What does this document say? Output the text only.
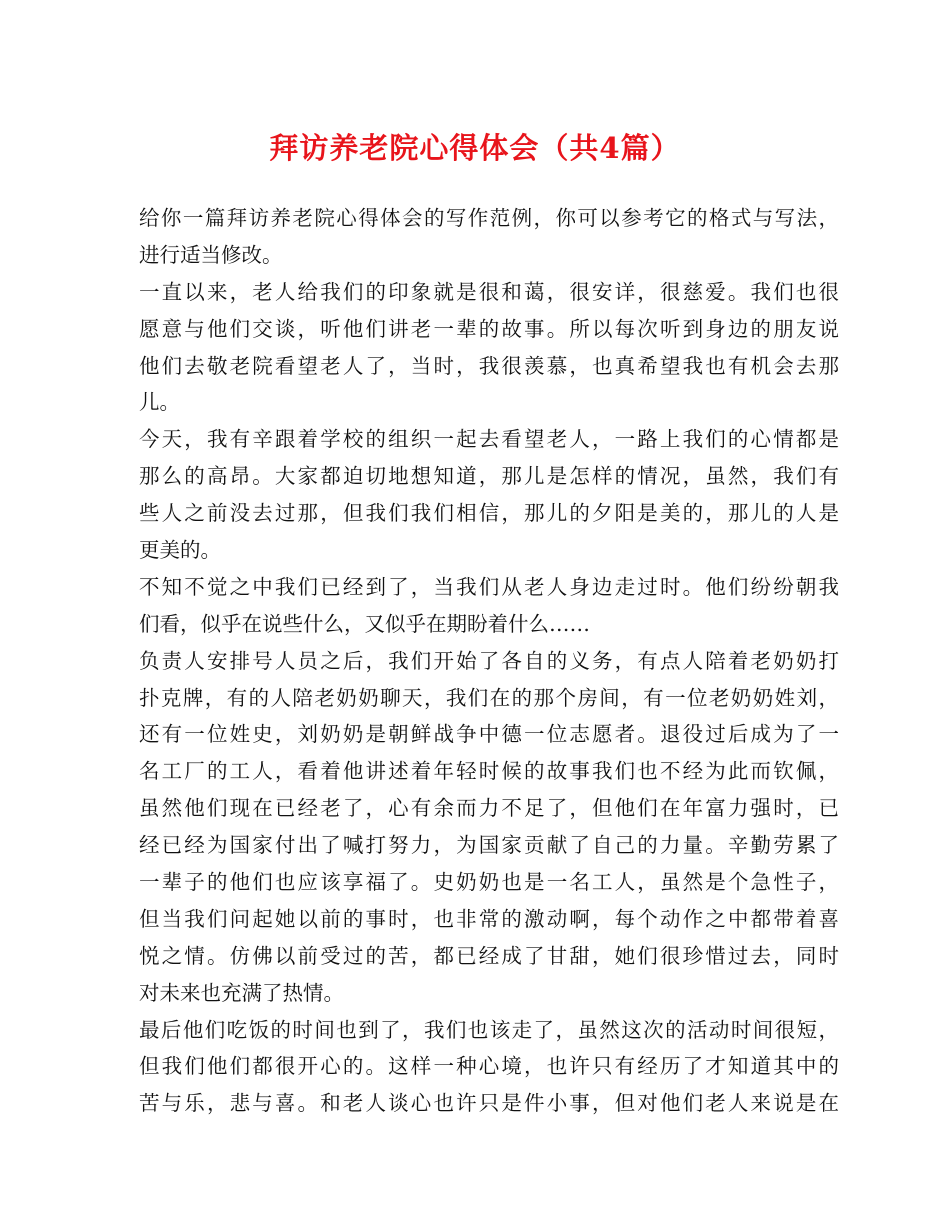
拜访养老院心得体会（共4篇）
给你一篇拜访养老院心得体会的写作范例，你可以参考它的格式与写法，
进行适当修改。
一直以来，老人给我们的印象就是很和蔼，很安详，很慈爱。我们也很
愿意与他们交谈，听他们讲老一辈的故事。所以每次听到身边的朋友说
他们去敬老院看望老人了，当时，我很羡慕，也真希望我也有机会去那
儿。
今天，我有辛跟着学校的组织一起去看望老人，一路上我们的心情都是
那么的高昂。大家都迫切地想知道，那儿是怎样的情况，虽然，我们有
些人之前没去过那，但我们我们相信，那儿的夕阳是美的，那儿的人是
更美的。
不知不觉之中我们已经到了，当我们从老人身边走过时。他们纷纷朝我
们看，似乎在说些什么，又似乎在期盼着什么……
负责人安排号人员之后，我们开始了各自的义务，有点人陪着老奶奶打
扑克牌，有的人陪老奶奶聊天，我们在的那个房间，有一位老奶奶姓刘，
还有一位姓史，刘奶奶是朝鲜战争中德一位志愿者。退役过后成为了一
名工厂的工人，看着他讲述着年轻时候的故事我们也不经为此而钦佩，
虽然他们现在已经老了，心有余而力不足了，但他们在年富力强时，已
经已经为国家付出了喊打努力，为国家贡献了自己的力量。辛勤劳累了
一辈子的他们也应该享福了。史奶奶也是一名工人，虽然是个急性子，
但当我们问起她以前的事时，也非常的激动啊，每个动作之中都带着喜
悦之情。仿佛以前受过的苦，都已经成了甘甜，她们很珍惜过去，同时
对未来也充满了热情。
最后他们吃饭的时间也到了，我们也该走了，虽然这次的活动时间很短，
但我们他们都很开心的。这样一种心境，也许只有经历了才知道其中的
苦与乐，悲与喜。和老人谈心也许只是件小事，但对他们老人来说是在
